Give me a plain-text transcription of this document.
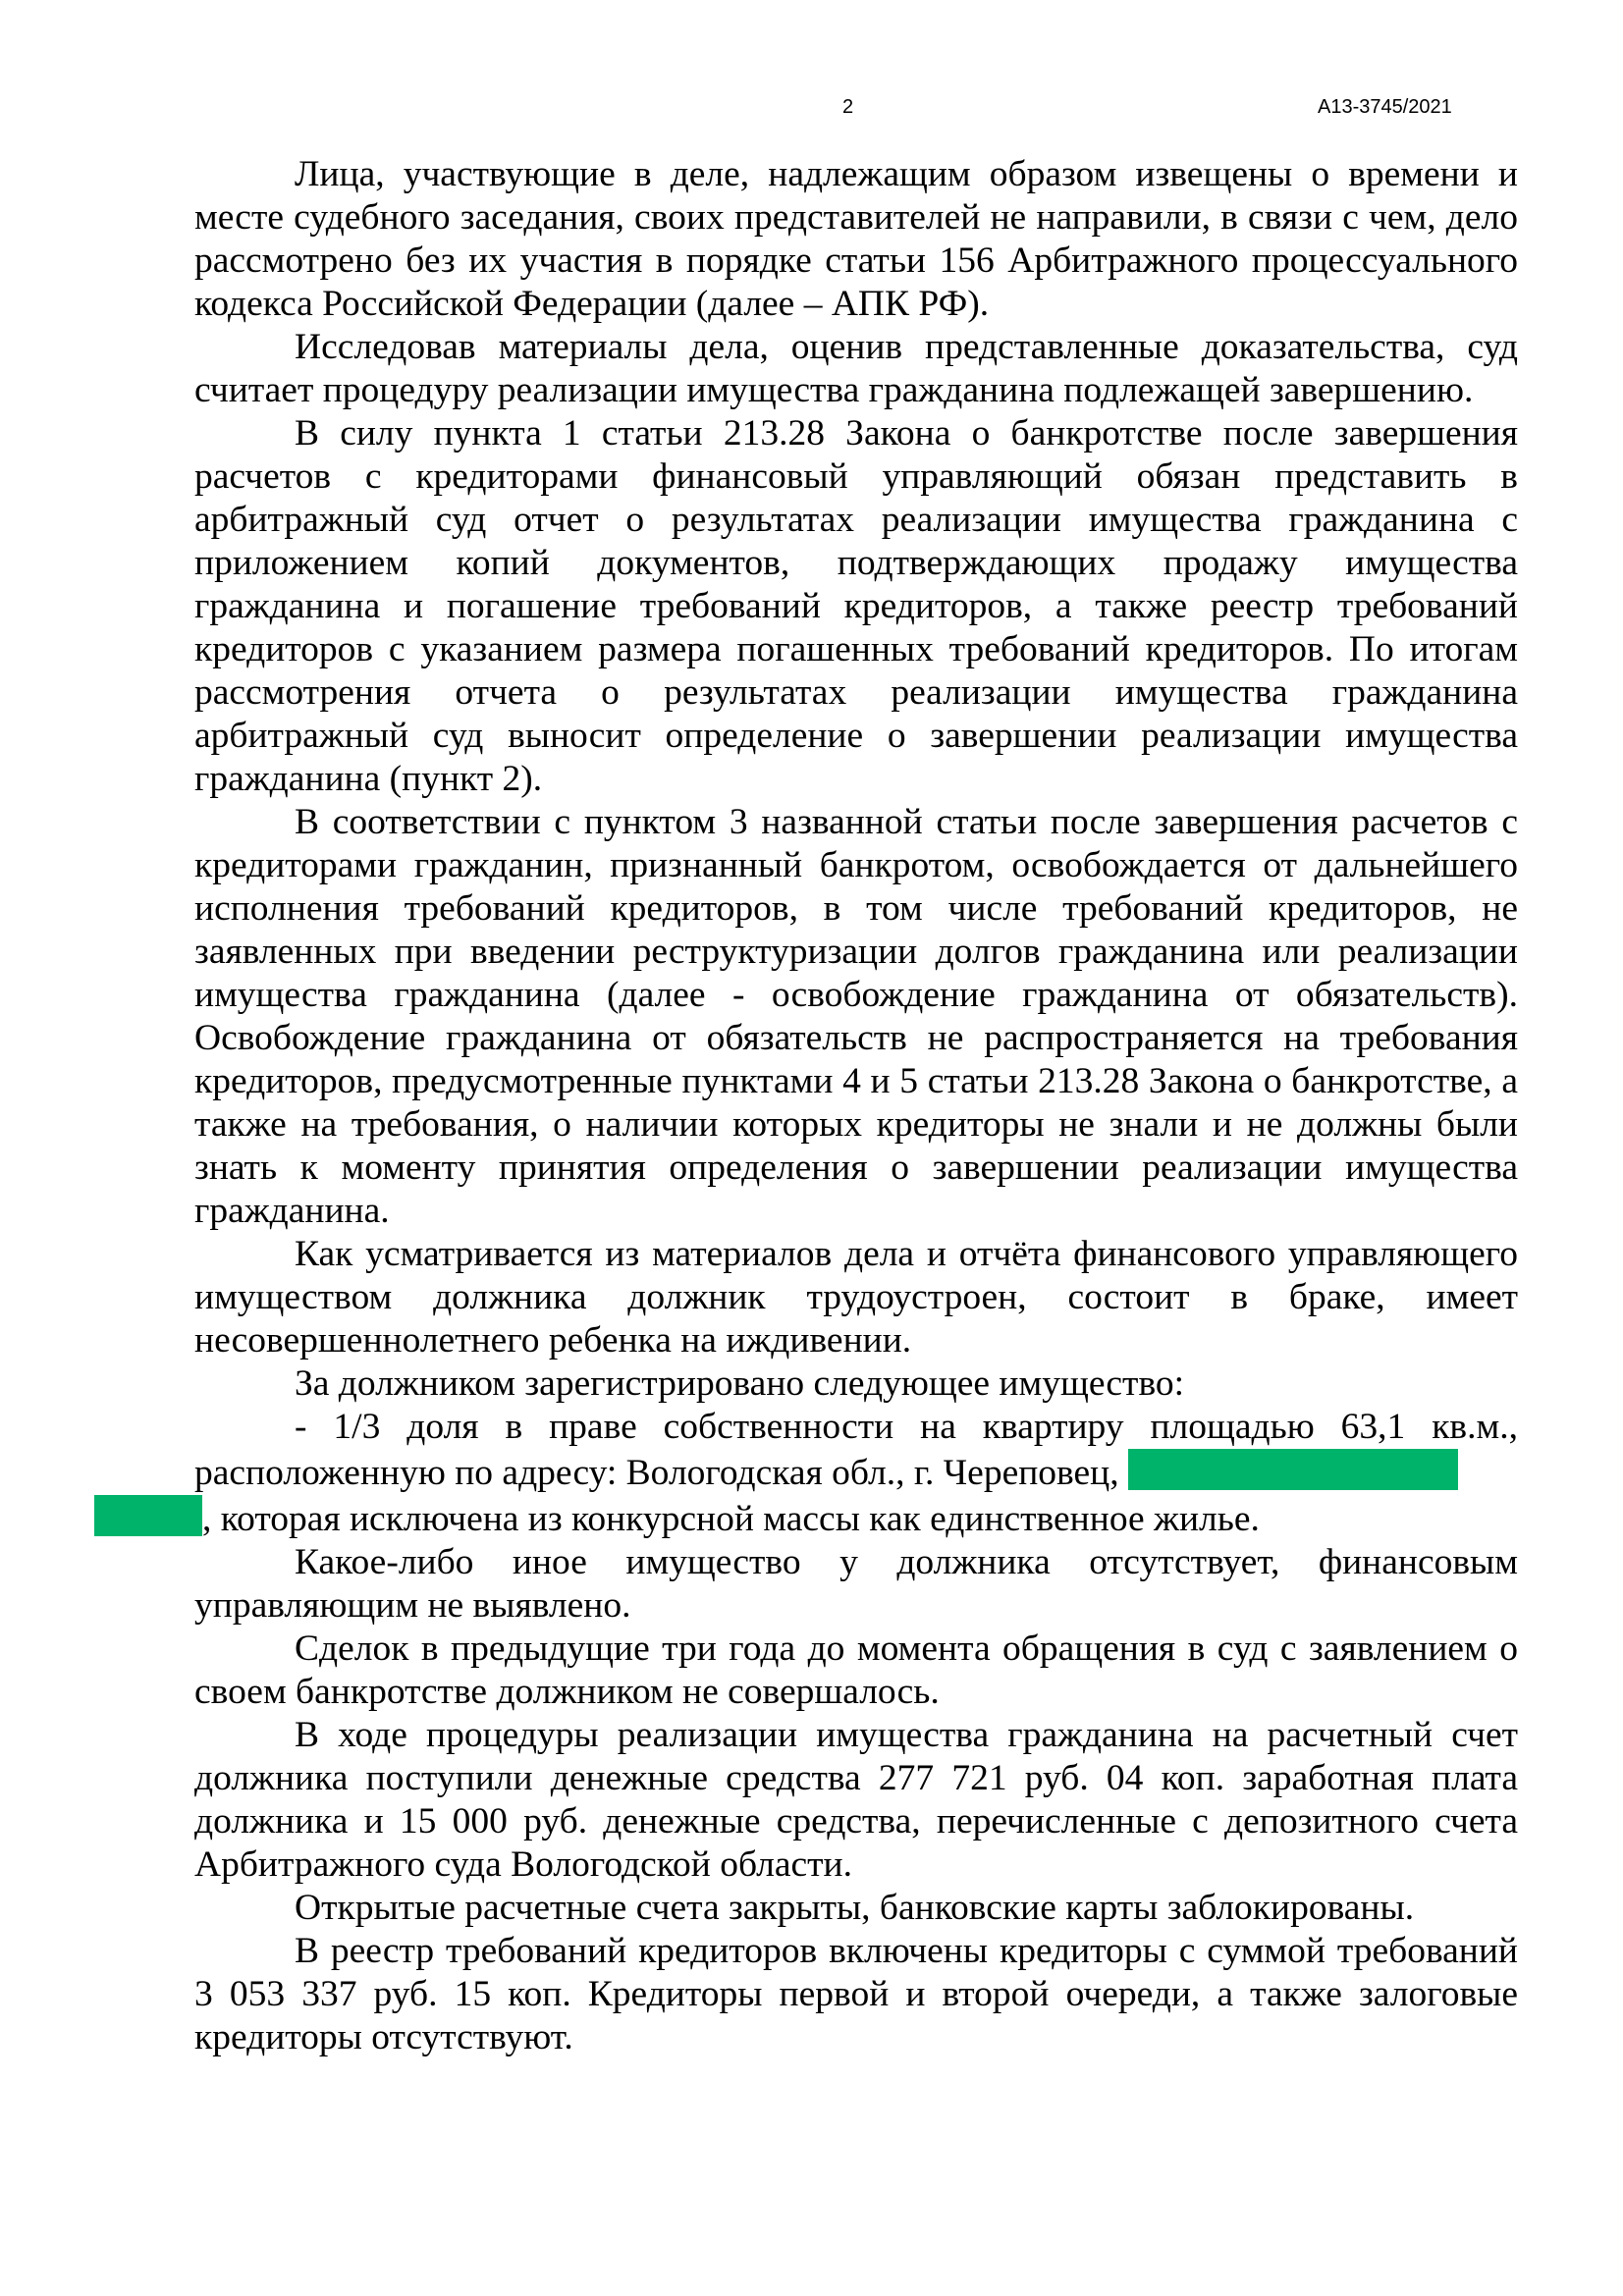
2	А13-3745/2021

Лица, участвующие в деле, надлежащим образом извещены о времени и месте судебного заседания, своих представителей не направили, в связи с чем, дело рассмотрено без их участия в порядке статьи 156 Арбитражного процессуального кодекса Российской Федерации (далее – АПК РФ).

Исследовав материалы дела, оценив представленные доказательства, суд считает процедуру реализации имущества гражданина подлежащей завершению.

В силу пункта 1 статьи 213.28 Закона о банкротстве после завершения расчетов с кредиторами финансовый управляющий обязан представить в арбитражный суд отчет о результатах реализации имущества гражданина с приложением копий документов, подтверждающих продажу имущества гражданина и погашение требований кредиторов, а также реестр требований кредиторов с указанием размера погашенных требований кредиторов. По итогам рассмотрения отчета о результатах реализации имущества гражданина арбитражный суд выносит определение о завершении реализации имущества гражданина (пункт 2).

В соответствии с пунктом 3 названной статьи после завершения расчетов с кредиторами гражданин, признанный банкротом, освобождается от дальнейшего исполнения требований кредиторов, в том числе требований кредиторов, не заявленных при введении реструктуризации долгов гражданина или реализации имущества гражданина (далее - освобождение гражданина от обязательств). Освобождение гражданина от обязательств не распространяется на требования кредиторов, предусмотренные пунктами 4 и 5 статьи 213.28 Закона о банкротстве, а также на требования, о наличии которых кредиторы не знали и не должны были знать к моменту принятия определения о завершении реализации имущества гражданина.

Как усматривается из материалов дела и отчёта финансового управляющего имуществом должника должник трудоустроен, состоит в браке, имеет несовершеннолетнего ребенка на иждивении.

За должником зарегистрировано следующее имущество:

- 1/3 доля в праве собственности на квартиру площадью 63,1 кв.м., расположенную по адресу: Вологодская обл., г. Череповец,
, которая исключена из конкурсной массы как единственное жилье.

Какое-либо иное имущество у должника отсутствует, финансовым управляющим не выявлено.

Сделок в предыдущие три года до момента обращения в суд с заявлением о своем банкротстве должником не совершалось.

В ходе процедуры реализации имущества гражданина на расчетный счет должника поступили денежные средства 277 721 руб. 04 коп. заработная плата должника и 15 000 руб. денежные средства, перечисленные с депозитного счета Арбитражного суда Вологодской области.

Открытые расчетные счета закрыты, банковские карты заблокированы.

В реестр требований кредиторов включены кредиторы с суммой требований 3 053 337 руб. 15 коп. Кредиторы первой и второй очереди, а также залоговые кредиторы отсутствуют.
